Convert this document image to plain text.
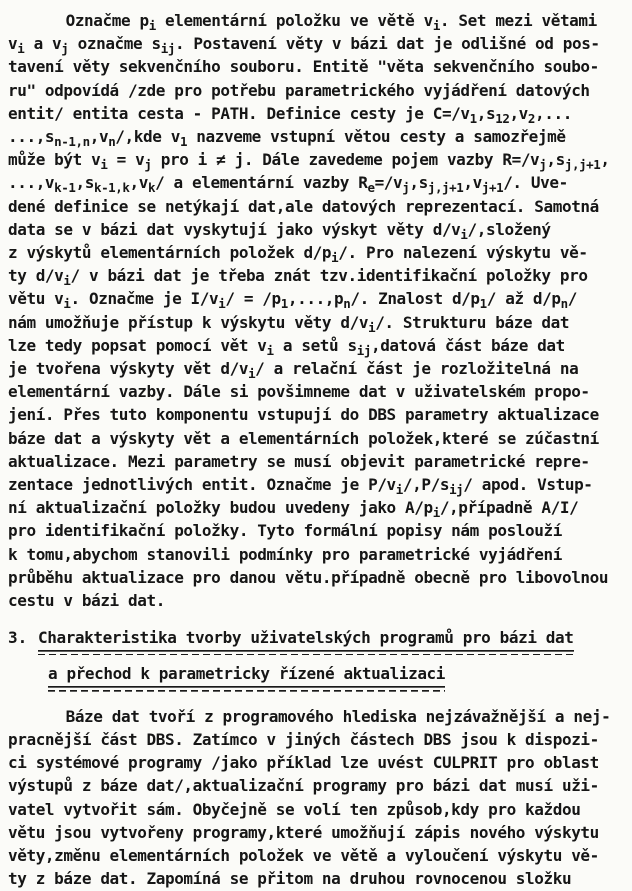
Označme $p_i$ elementární položku ve větě $v_i$. Set mezi větami
$v_i$ a $v_j$ označme $s_{ij}$. Postavení věty v bázi dat je odlišné od pos-
tavení věty sekvenčního souboru. Entitě "věta sekvenčního soubo-
ru" odpovídá /zde pro potřebu parametrického vyjádření datových
entit/ entita cesta - PATH. Definice cesty je $C=/v_1,s_{12},v_2$,...
$...,s_{n-1,n},v_n/,kde$ $v_1$ nazveme vstupní větou cesty a samozřejmě
může být $v_i = v_j$ pro i ≠ j. Dále zavedeme pojem vazby $R=/v_j,s_{j,j+1}$,
$...,v_{k-1},s_{k-1,k},v_k/$ a elementární vazby $R_e=/v_j,s_{j,j+1},v_{j+1}/$. Uve-
dené definice se netýkají dat,ale datových reprezentací. Samotná
data se v bázi dat vyskytují jako výskyt věty $d/v_i/,složený$
z výskytů elementárních položek $d/p_i/$. Pro nalezení výskytu vě-
ty $d/v_i/$ v bázi dat je třeba znát tzv.identifikační položky pro
větu $v_i$. Označme je $I/v_i/ = /p_1,...,p_n/$. Znalost $d/p_1/$ až $d/p_n/$
nám umožňuje přístup k výskytu věty $d/v_i/$. Strukturu báze dat
lze tedy popsat pomocí vět $v_i$ a setů $s_{ij},datová$ část báze dat
je tvořena výskyty vět $d/v_i/$ a relační část je rozložitelná na
elementární vazby. Dále si povšimneme dat v uživatelském propo-
jení. Přes tuto komponentu vstupují do DBS parametry aktualizace
báze dat a výskyty vět a elementárních položek,které se zúčastní
aktualizace. Mezi parametry se musí objevit parametrické repre-
zentace jednotlivých entit. Označme je $P/v_i/,P/s_{ij}/$ apod. Vstup-
ní aktualizační položky budou uvedeny jako $A/p_i/,případně$ A/I/
pro identifikační položky. Tyto formální popisy nám poslouží
k tomu,abychom stanovili podmínky pro parametrické vyjádření
průběhu aktualizace pro danou větu.případně obecně pro libovolnou
cestu v bázi dat.
3. Charakteristika tvorby uživatelských programů pro bázi dat
a přechod k parametricky řízené aktualizaci
Báze dat tvoří z programového hlediska nejzávažnější a nej-
pracnější část DBS. Zatímco v jiných částech DBS jsou k dispozi-
ci systémové programy /jako příklad lze uvést CULPRIT pro oblast
výstupů z báze dat/,aktualizační programy pro bázi dat musí uži-
vatel vytvořit sám. Obyčejně se volí ten způsob,kdy pro každou
větu jsou vytvořeny programy,které umožňují zápis nového výskytu
věty,změnu elementárních položek ve větě a vyloučení výskytu vě-
ty z báze dat. Zapomíná se přitom na druhou rovnocenou složku
